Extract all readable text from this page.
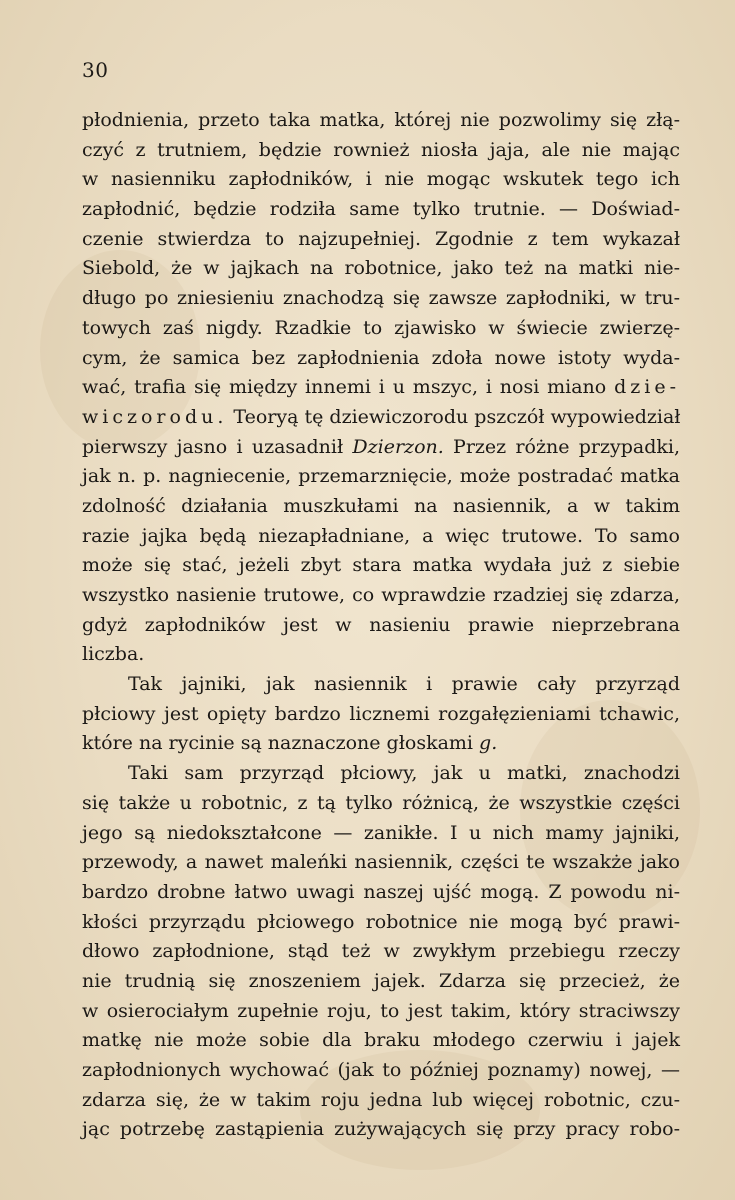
30
płodnienia, przeto taka matka, której nie pozwolimy się złą-
czyć z trutniem, będzie rownież niosła jaja, ale nie mając
w nasienniku zapłodników, i nie mogąc wskutek tego ich
zapłodnić, będzie rodziła same tylko trutnie. — Doświad-
czenie stwierdza to najzupełniej. Zgodnie z tem wykazał
Siebold, że w jajkach na robotnice, jako też na matki nie-
długo po zniesieniu znachodzą się zawsze zapłodniki, w tru-
towych zaś nigdy. Rzadkie to zjawisko w świecie zwierzę-
cym, że samica bez zapłodnienia zdoła nowe istoty wyda-
wać, trafia się między innemi i u mszyc, i nosi miano dzie-
wiczorodu. Teoryą tę dziewiczorodu pszczół wypowiedział
pierwszy jasno i uzasadnił Dzierzon. Przez różne przypadki,
jak n. p. nagniecenie, przemarznięcie, może postradać matka
zdolność działania muszkułami na nasiennik, a w takim
razie jajka będą niezapładniane, a więc trutowe. To samo
może się stać, jeżeli zbyt stara matka wydała już z siebie
wszystko nasienie trutowe, co wprawdzie rzadziej się zdarza,
gdyż zapłodników jest w nasieniu prawie nieprzebrana
liczba.
Tak jajniki, jak nasiennik i prawie cały przyrząd
płciowy jest opięty bardzo licznemi rozgałęzieniami tchawic,
które na rycinie są naznaczone głoskami g.
Taki sam przyrząd płciowy, jak u matki, znachodzi
się także u robotnic, z tą tylko różnicą, że wszystkie części
jego są niedokształcone — zanikłe. I u nich mamy jajniki,
przewody, a nawet maleńki nasiennik, części te wszakże jako
bardzo drobne łatwo uwagi naszej ujść mogą. Z powodu ni-
kłości przyrządu płciowego robotnice nie mogą być prawi-
dłowo zapłodnione, stąd też w zwykłym przebiegu rzeczy
nie trudnią się znoszeniem jajek. Zdarza się przecież, że
w osierociałym zupełnie roju, to jest takim, który straciwszy
matkę nie może sobie dla braku młodego czerwiu i jajek
zapłodnionych wychować (jak to później poznamy) nowej, —
zdarza się, że w takim roju jedna lub więcej robotnic, czu-
jąc potrzebę zastąpienia zużywających się przy pracy robo-
